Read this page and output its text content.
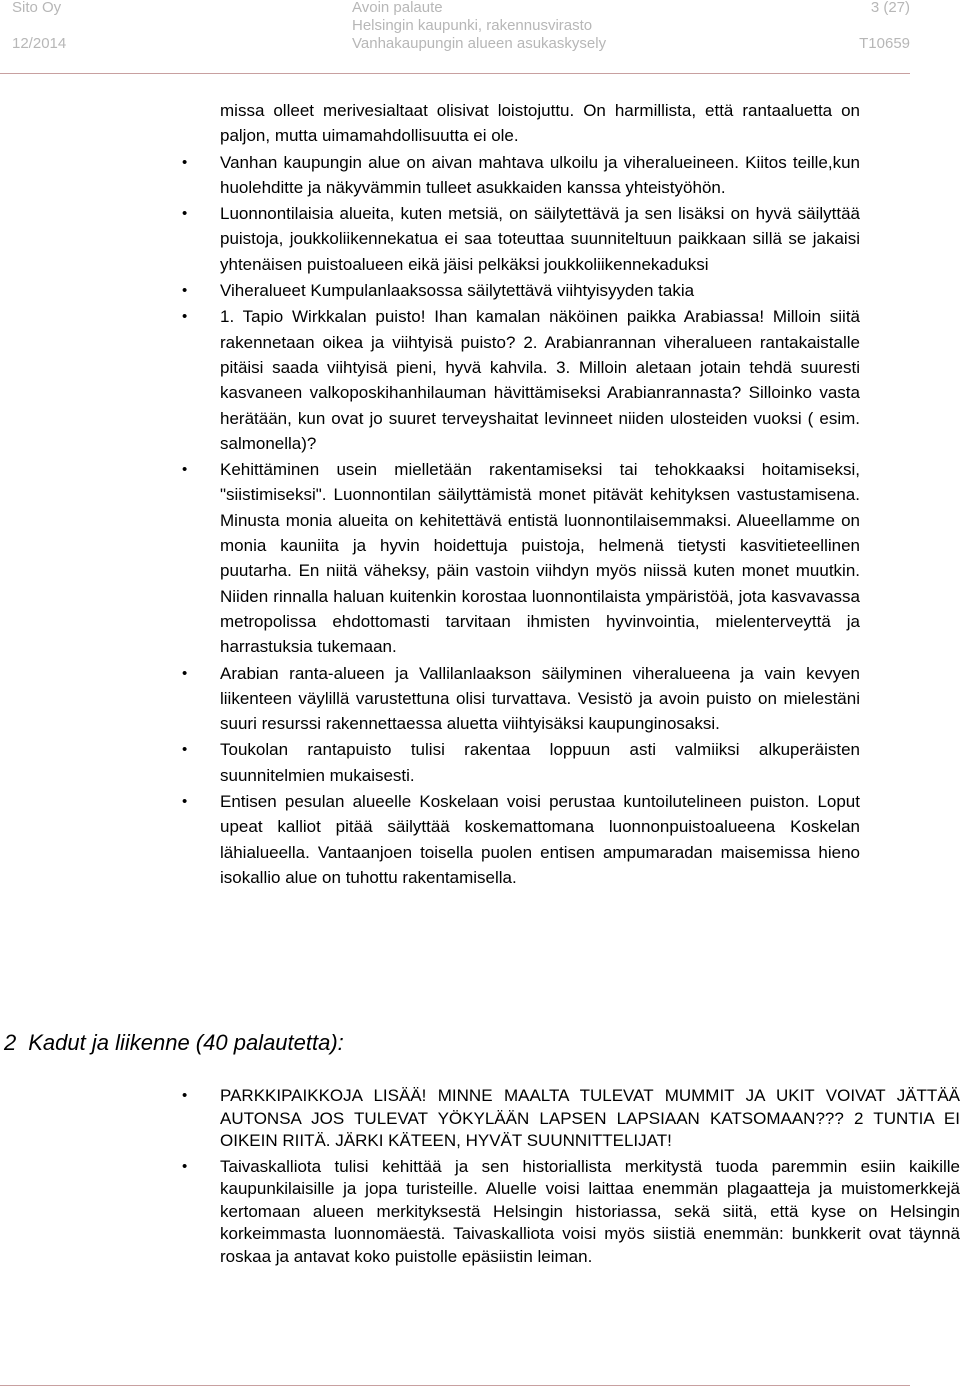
Sito Oy
12/2014
Avoin palaute
Helsingin kaupunki, rakennusvirasto
Vanhakaupungin alueen asukaskysely
3 (27)
T10659
missa olleet merivesialtaat olisivat loistojuttu. On harmillista, että rantaaluetta on paljon, mutta uimamahdollisuutta ei ole.
• Vanhan kaupungin alue on aivan mahtava ulkoilu ja viheralueineen. Kiitos teille,kun huolehditte ja näkyvämmin tulleet asukkaiden kanssa yhteistyöhön.
• Luonnontilaisia alueita, kuten metsiä, on säilytettävä ja sen lisäksi on hyvä säilyttää puistoja, joukkoliikennekatua ei saa toteuttaa suunniteltuun paikkaan sillä se jakaisi yhtenäisen puistoalueen eikä jäisi pelkäksi joukkoliikennekaduksi
• Viheralueet Kumpulanlaaksossa säilytettävä viihtyisyyden takia
• 1. Tapio Wirkkalan puisto! Ihan kamalan näköinen paikka Arabiassa! Milloin siitä rakennetaan oikea ja viihtyisä puisto? 2. Arabianrannan viheralueen rantakaistalle pitäisi saada viihtyisä pieni, hyvä kahvila. 3. Milloin aletaan jotain tehdä suuresti kasvaneen valkoposkihanhilauman hävittämiseksi Arabianrannasta? Silloinko vasta herätään, kun ovat jo suuret terveyshaitat levinneet niiden ulosteiden vuoksi ( esim. salmonella)?
• Kehittäminen usein mielletään rakentamiseksi tai tehokkaaksi hoitamiseksi, "siistimiseksi". Luonnontilan säilyttämistä monet pitävät kehityksen vastustamisena. Minusta monia alueita on kehitettävä entistä luonnontilaisemmaksi. Alueellamme on monia kauniita ja hyvin hoidettuja puistoja, helmenä tietysti kasvitieteellinen puutarha. En niitä väheksy, päin vastoin viihdyn myös niissä kuten monet muutkin. Niiden rinnalla haluan kuitenkin korostaa luonnontilaista ympäristöä, jota kasvavassa metropolissa ehdottomasti tarvitaan ihmisten hyvinvointia, mielenterveyttä ja harrastuksia tukemaan.
• Arabian ranta-alueen ja Vallilanlaakson säilyminen viheralueena ja vain kevyen liikenteen väylillä varustettuna olisi turvattava. Vesistö ja avoin puisto on mielestäni suuri resurssi rakennettaessa aluetta viihtyisäksi kaupunginosaksi.
• Toukolan rantapuisto tulisi rakentaa loppuun asti valmiiksi alkuperäisten suunnitelmien mukaisesti.
• Entisen pesulan alueelle Koskelaan voisi perustaa kuntoilutelineen puiston. Loput upeat kalliot pitää säilyttää koskemattomana luonnonpuistoalueena Koskelan lähialueella. Vantaanjoen toisella puolen entisen ampumaradan maisemissa hieno isokallio alue on tuhottu rakentamisella.
2 Kadut ja liikenne (40 palautetta):
• PARKKIPAIKKOJA LISÄÄ! MINNE MAALTA TULEVAT MUMMIT JA UKIT VOIVAT JÄTTÄÄ AUTONSA JOS TULEVAT YÖKYLÄÄN LAPSEN LAPSIAAN KATSOMAAN??? 2 TUNTIA EI OIKEIN RIITÄ. JÄRKI KÄTEEN, HYVÄT SUUNNITTELIJAT!
• Taivaskalliota tulisi kehittää ja sen historiallista merkitystä tuoda paremmin esiin kaikille kaupunkilaisille ja jopa turisteille. Aluelle voisi laittaa enemmän plagaatteja ja muistomerkkejä kertomaan alueen merkityksestä Helsingin historiassa, sekä siitä, että kyse on Helsingin korkeimmasta luonnomäestä. Taivaskalliota voisi myös siistiä enemmän: bunkkerit ovat täynnä roskaa ja antavat koko puistolle epäsiistin leiman.
